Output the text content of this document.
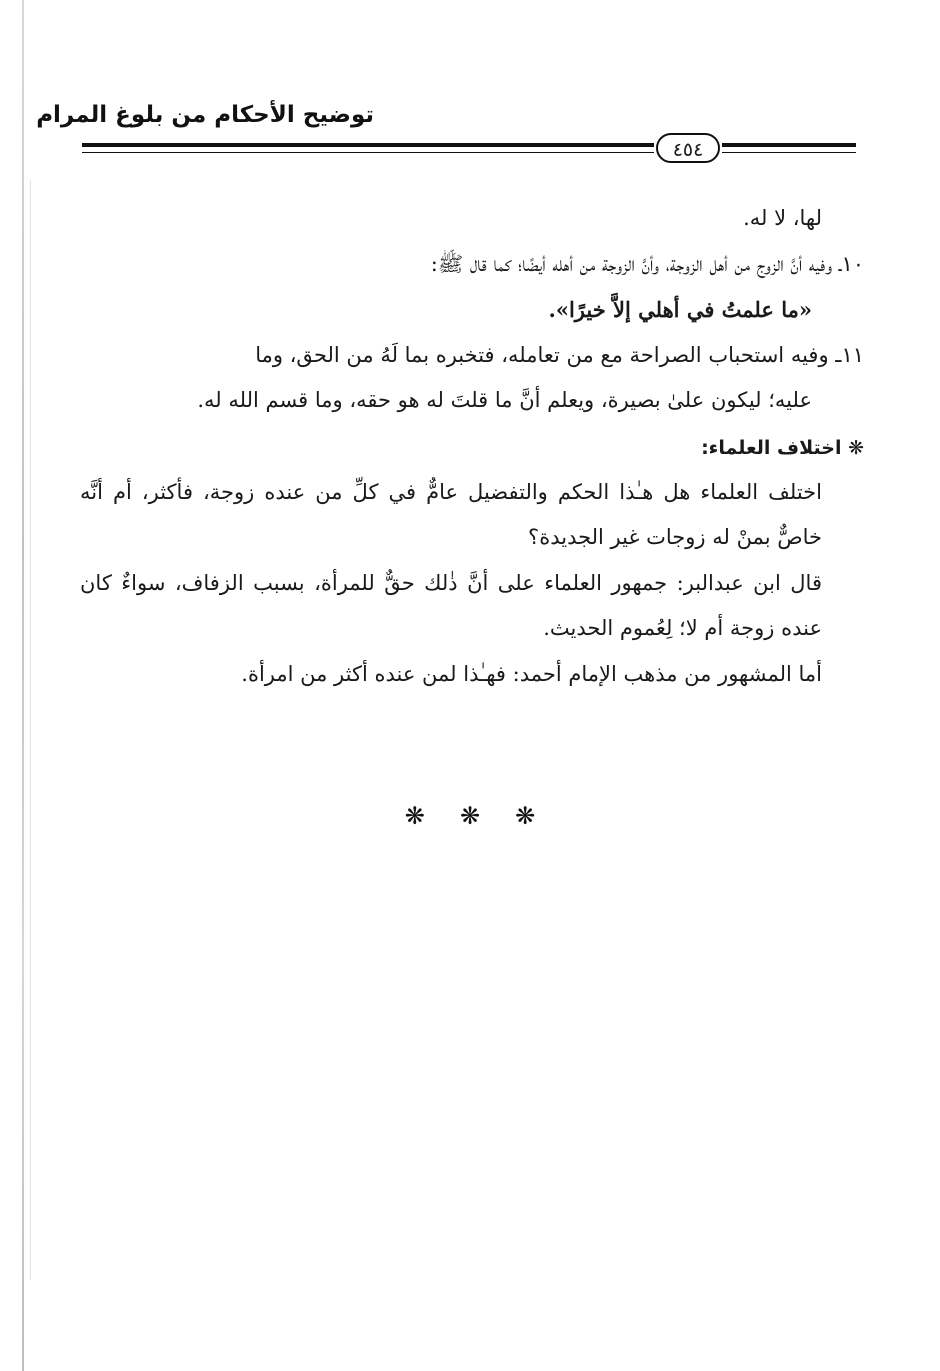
توضيح الأحكام من بلوغ المرام
٤٥٤

لها، لا له.

١٠ـ وفيه أنَّ الزوج من أهل الزوجة، وأنَّ الزوجة من أهله أيضًا؛ كما قال ﷺ:

«ما علمتُ في أهلي إلاَّ خيرًا».

١١ـ وفيه استحباب الصراحة مع من تعامله، فتخبره بما لَهُ من الحق، وما

عليه؛ ليكون علىٰ بصيرة، ويعلم أنَّ ما قلتَ له هو حقه، وما قسم الله له.

❋ اختلاف العلماء:

اختلف العلماء هل هـٰذا الحكم والتفضيل عامٌّ في كلِّ من عنده زوجة، فأكثر، أم أنَّه خاصٌّ بمنْ له زوجات غير الجديدة؟

قال ابن عبدالبر: جمهور العلماء على أنَّ ذٰلك حقٌّ للمرأة، بسبب الزفاف، سواءٌ كان عنده زوجة أم لا؛ لِعُموم الحديث.

أما المشهور من مذهب الإمام أحمد: فهـٰذا لمن عنده أكثر من امرأة.

❋ ❋ ❋
